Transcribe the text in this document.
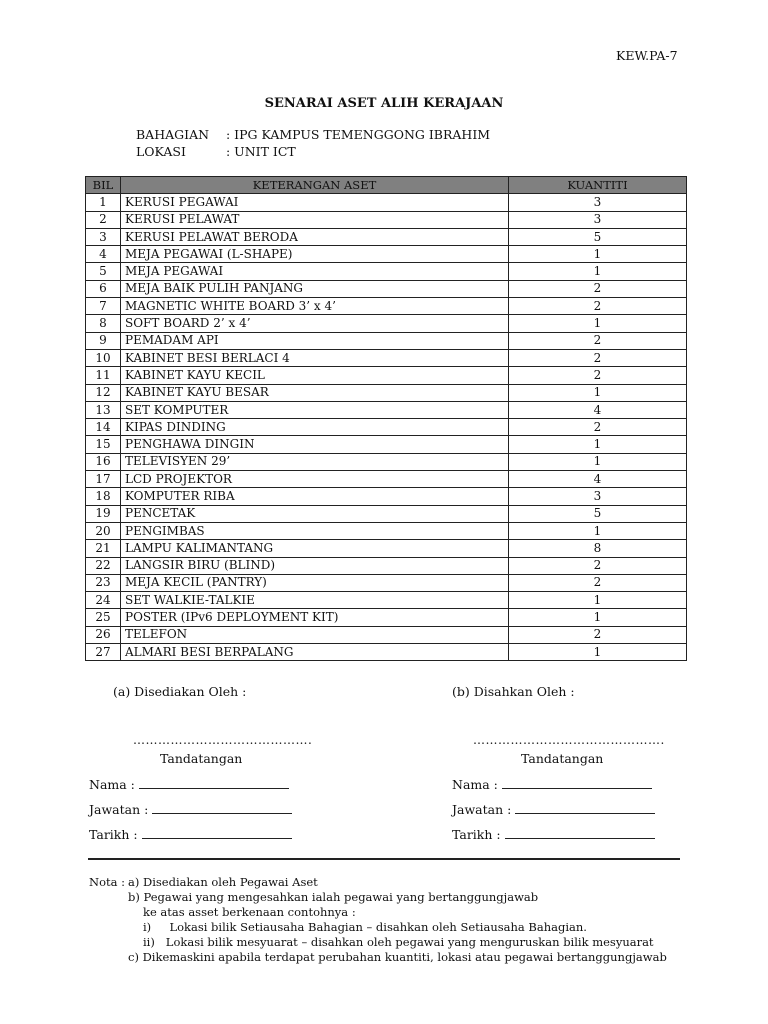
KEW.PA-7
SENARAI ASET ALIH KERAJAAN
BAHAGIAN : IPG KAMPUS TEMENGGONG IBRAHIM
LOKASI	: UNIT ICT
BIL	KETERANGAN ASET	KUANTITI
1	KERUSI PEGAWAI	3
2	KERUSI PELAWAT	3
3	KERUSI PELAWAT BERODA	5
4	MEJA PEGAWAI (L-SHAPE)	1
5	MEJA PEGAWAI	1
6	MEJA BAIK PULIH PANJANG	2
7	MAGNETIC WHITE BOARD 3’ x 4’	2
8	SOFT BOARD 2’ x 4’	1
9	PEMADAM API	2
10	KABINET BESI BERLACI 4	2
11	KABINET KAYU KECIL	2
12	KABINET KAYU BESAR	1
13	SET KOMPUTER	4
14	KIPAS DINDING	2
15	PENGHAWA DINGIN	1
16	TELEVISYEN 29’	1
17	LCD PROJEKTOR	4
18	KOMPUTER RIBA	3
19	PENCETAK	5
20	PENGIMBAS	1
21	LAMPU KALIMANTANG	8
22	LANGSIR BIRU (BLIND)	2
23	MEJA KECIL (PANTRY)	2
24	SET WALKIE-TALKIE	1
25	POSTER (IPv6 DEPLOYMENT KIT)	1
26	TELEFON	2
27	ALMARI BESI BERPALANG	1
(a) Disediakan Oleh :	(b) Disahkan Oleh :
…………………………………….	……………………………………….
Tandatangan	Tandatangan
Nama :	Nama :
Jawatan :	Jawatan :
Tarikh :	Tarikh :
Nota : a) Disediakan oleh Pegawai Aset
b) Pegawai yang mengesahkan ialah pegawai yang bertanggungjawab
ke atas asset berkenaan contohnya :
i)     Lokasi bilik Setiausaha Bahagian – disahkan oleh Setiausaha Bahagian.
ii)   Lokasi bilik mesyuarat – disahkan oleh pegawai yang menguruskan bilik mesyuarat
c) Dikemaskini apabila terdapat perubahan kuantiti, lokasi atau pegawai bertanggungjawab
